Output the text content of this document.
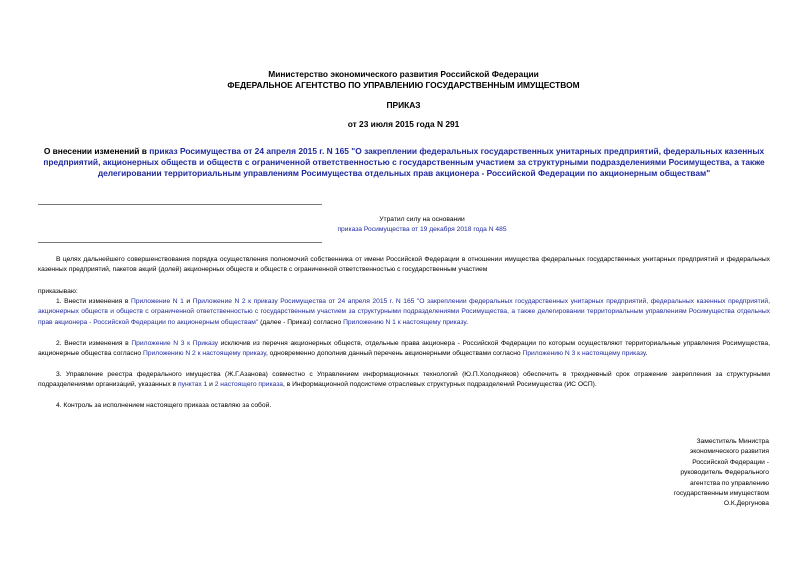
Министерство экономического развития Российской Федерации
ФЕДЕРАЛЬНОЕ АГЕНТСТВО ПО УПРАВЛЕНИЮ ГОСУДАРСТВЕННЫМ ИМУЩЕСТВОМ
ПРИКАЗ
от 23 июля 2015 года N 291
О внесении изменений в приказ Росимущества от 24 апреля 2015 г. N 165 "О закреплении федеральных государственных унитарных предприятий, федеральных казенных предприятий, акционерных обществ и обществ с ограниченной ответственностью с государственным участием за структурными подразделениями Росимущества, а также делегировании территориальным управлениям Росимущества отдельных прав акционера - Российской Федерации по акционерным обществам"
Утратил силу на основании
приказа Росимущества от 19 декабря 2018 года N 485
В целях дальнейшего совершенствования порядка осуществления полномочий собственника от имени Российской Федерации в отношении имущества федеральных государственных унитарных предприятий и федеральных казенных предприятий, пакетов акций (долей) акционерных обществ и обществ с ограниченной ответственностью с государственным участием
приказываю:
1. Внести изменения в Приложение N 1 и Приложение N 2 к приказу Росимущества от 24 апреля 2015 г. N 165 "О закреплении федеральных государственных унитарных предприятий, федеральных казенных предприятий, акционерных обществ и обществ с ограниченной ответственностью с государственным участием за структурными подразделениями Росимущества, а также делегировании территориальным управлениям Росимущества отдельных прав акционера - Российской Федерации по акционерным обществам" (далее - Приказ) согласно Приложению N 1 к настоящему приказу.
2. Внести изменения в Приложение N 3 к Приказу исключив из перечня акционерных обществ, отдельные права акционера - Российской Федерации по которым осуществляют территориальные управления Росимущества, акционерные общества согласно Приложению N 2 к настоящему приказу, одновременно дополнив данный перечень акционерными обществами согласно Приложению N 3 к настоящему приказу.
3. Управление реестра федерального имущества (Ж.Г.Азанова) совместно с Управлением информационных технологий (Ю.П.Холодняков) обеспечить в трехдневный срок отражение закрепления за структурными подразделениями организаций, указанных в пунктах 1 и 2 настоящего приказа, в Информационной подсистеме отраслевых структурных подразделений Росимущества (ИС ОСП).
4. Контроль за исполнением настоящего приказа оставляю за собой.
Заместитель Министра
экономического развития
Российской Федерации -
руководитель Федерального
агентства по управлению
государственным имуществом
О.К.Дергунова
